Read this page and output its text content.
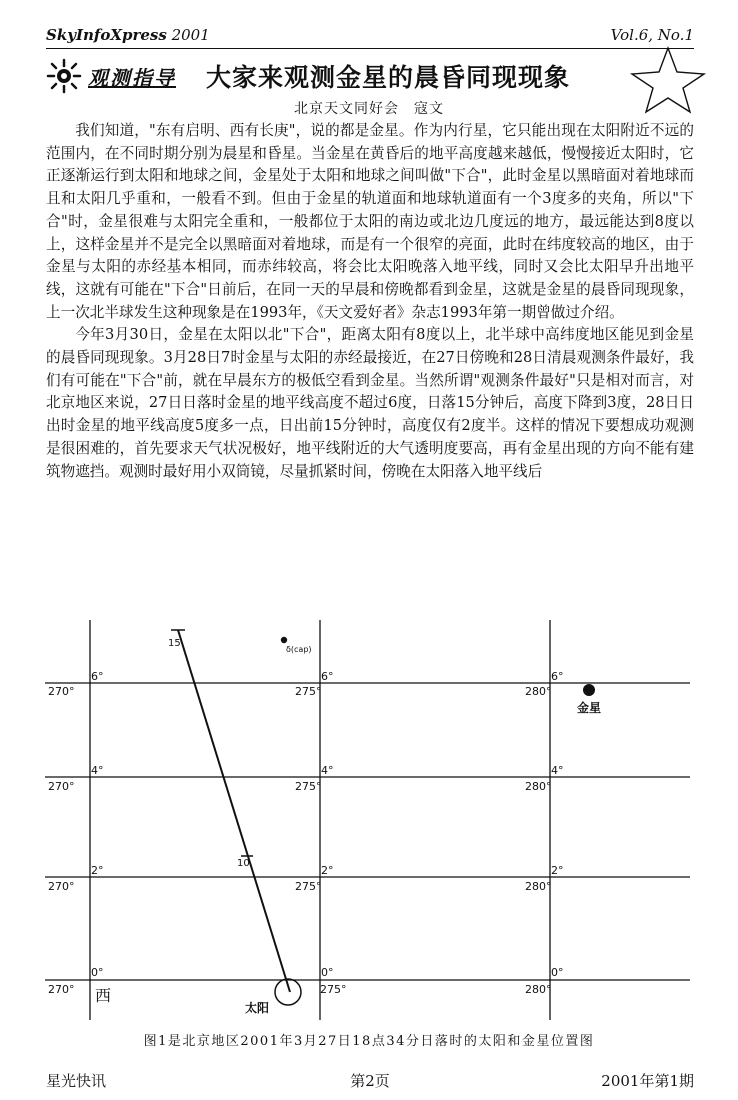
SkyInfoXpress 2001	Vol.6, No.1
观测指导 大家来观测金星的晨昏同现现象
北京天文同好会　寇文

我们知道，"东有启明、西有长庚"，说的都是金星。作为内行星，它只能出现在太阳附近不远的范围内，在不同时期分别为晨星和昏星。当金星在黄昏后的地平高度越来越低，慢慢接近太阳时，它正逐渐运行到太阳和地球之间，金星处于太阳和地球之间叫做"下合"，此时金星以黑暗面对着地球而且和太阳几乎重和，一般看不到。但由于金星的轨道面和地球轨道面有一个3度多的夹角，所以"下合"时，金星很难与太阳完全重和，一般都位于太阳的南边或北边几度远的地方，最远能达到8度以上，这样金星并不是完全以黑暗面对着地球，而是有一个很窄的亮面，此时在纬度较高的地区，由于金星与太阳的赤经基本相同，而赤纬较高，将会比太阳晚落入地平线，同时又会比太阳早升出地平线，这就有可能在"下合"日前后，在同一天的早晨和傍晚都看到金星，这就是金星的晨昏同现现象，上一次北半球发生这种现象是在1993年，《天文爱好者》杂志1993年第一期曾做过介绍。

今年3月30日，金星在太阳以北"下合"，距离太阳有8度以上，北半球中高纬度地区能见到金星的晨昏同现现象。3月28日7时金星与太阳的赤经最接近，在27日傍晚和28日清晨观测条件最好，我们有可能在"下合"前，就在早晨东方的极低空看到金星。当然所谓"观测条件最好"只是相对而言，对北京地区来说，27日日落时金星的地平线高度不超过6度，日落15分钟后，高度下降到3度，28日日出时金星的地平线高度5度多一点，日出前15分钟时，高度仅有2度半。这样的情况下要想成功观测是很困难的，首先要求天气状况极好，地平线附近的大气透明度要高，再有金星出现的方向不能有建筑物遮挡。观测时最好用小双筒镜，尽量抓紧时间，傍晚在太阳落入地平线后

270°	275°	280°
270°	275°	280°
270°	275°	280°
270°	275°	280°
6°	6°	6°
4°	4°	4°
2°	2°	2°
0°	0°	0°
15
10
δ(cap)
金星
太阳
西
图1是北京地区2001年3月27日18点34分日落时的太阳和金星位置图
星光快讯	第2页	2001年第1期
